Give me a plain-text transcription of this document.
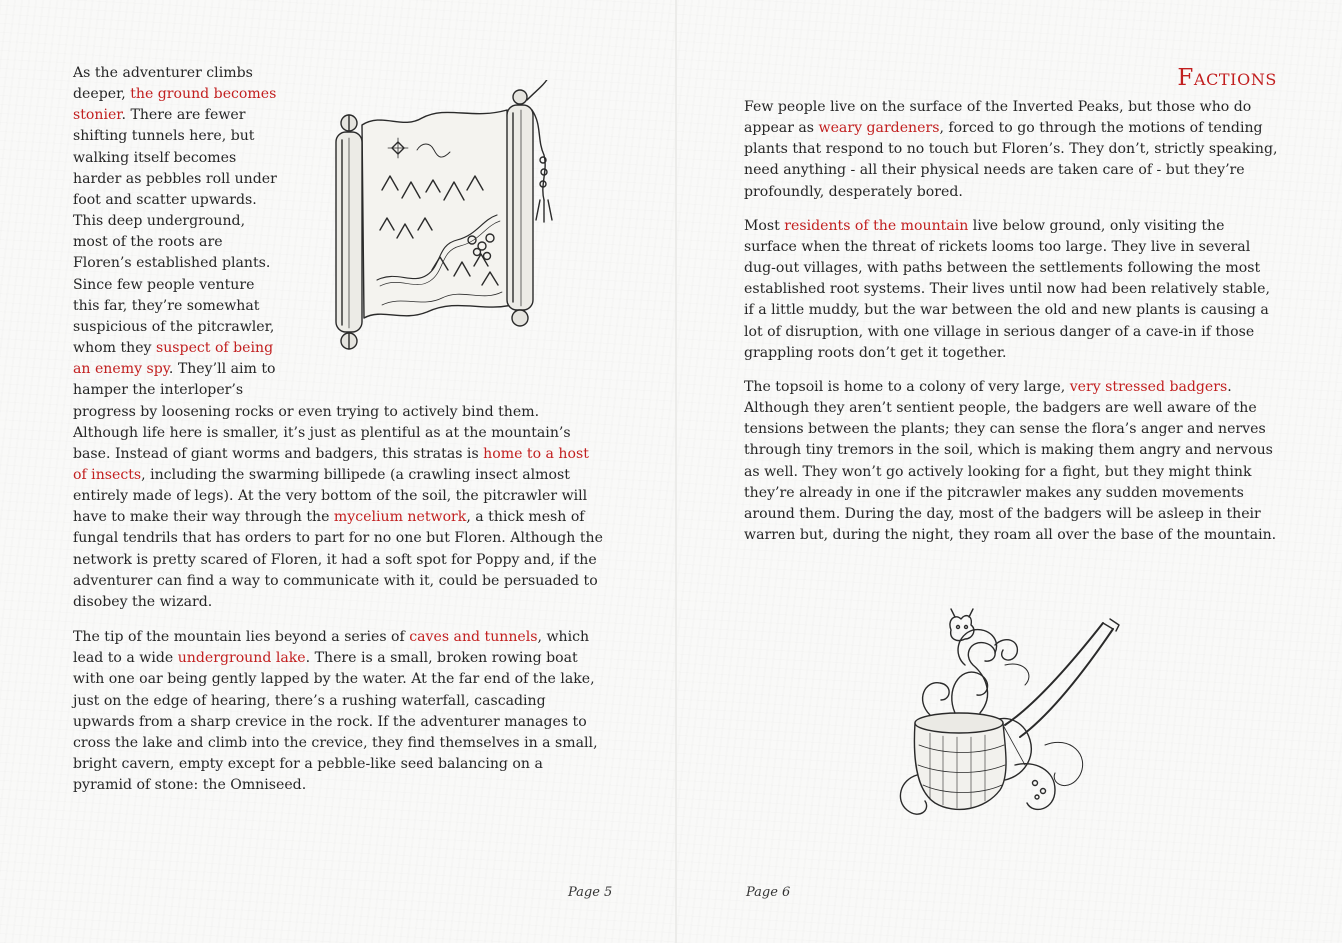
As the adventurer climbs deeper, the ground becomes stonier. There are fewer shifting tunnels here, but walking itself becomes harder as pebbles roll under foot and scatter upwards. This deep underground, most of the roots are Floren’s established plants. Since few people venture this far, they’re somewhat suspicious of the pitcrawler, whom they suspect of being an enemy spy. They’ll aim to hamper the interloper’s progress by loosening rocks or even trying to actively bind them. Although life here is smaller, it’s just as plentiful as at the mountain’s base. Instead of giant worms and badgers, this stratas is home to a host of insects, including the swarming billipede (a crawling insect almost entirely made of legs). At the very bottom of the soil, the pitcrawler will have to make their way through the mycelium network, a thick mesh of fungal tendrils that has orders to part for no one but Floren. Although the network is pretty scared of Floren, it had a soft spot for Poppy and, if the adventurer can find a way to communicate with it, could be persuaded to disobey the wizard.

The tip of the mountain lies beyond a series of caves and tunnels, which lead to a wide underground lake. There is a small, broken rowing boat with one oar being gently lapped by the water. At the far end of the lake, just on the edge of hearing, there’s a rushing waterfall, cascading upwards from a sharp crevice in the rock. If the adventurer manages to cross the lake and climb into the crevice, they find themselves in a small, bright cavern, empty except for a pebble-like seed balancing on a pyramid of stone: the Omniseed.

Page 5
Factions

Few people live on the surface of the Inverted Peaks, but those who do appear as weary gardeners, forced to go through the motions of tending plants that respond to no touch but Floren’s. They don’t, strictly speaking, need anything - all their physical needs are taken care of - but they’re profoundly, desperately bored.

Most residents of the mountain live below ground, only visiting the surface when the threat of rickets looms too large. They live in several dug-out villages, with paths between the settlements following the most established root systems. Their lives until now had been relatively stable, if a little muddy, but the war between the old and new plants is causing a lot of disruption, with one village in serious danger of a cave-in if those grappling roots don’t get it together.

The topsoil is home to a colony of very large, very stressed badgers. Although they aren’t sentient people, the badgers are well aware of the tensions between the plants; they can sense the flora’s anger and nerves through tiny tremors in the soil, which is making them angry and nervous as well. They won’t go actively looking for a fight, but they might think they’re already in one if the pitcrawler makes any sudden movements around them. During the day, most of the badgers will be asleep in their warren but, during the night, they roam all over the base of the mountain.

Page 6
